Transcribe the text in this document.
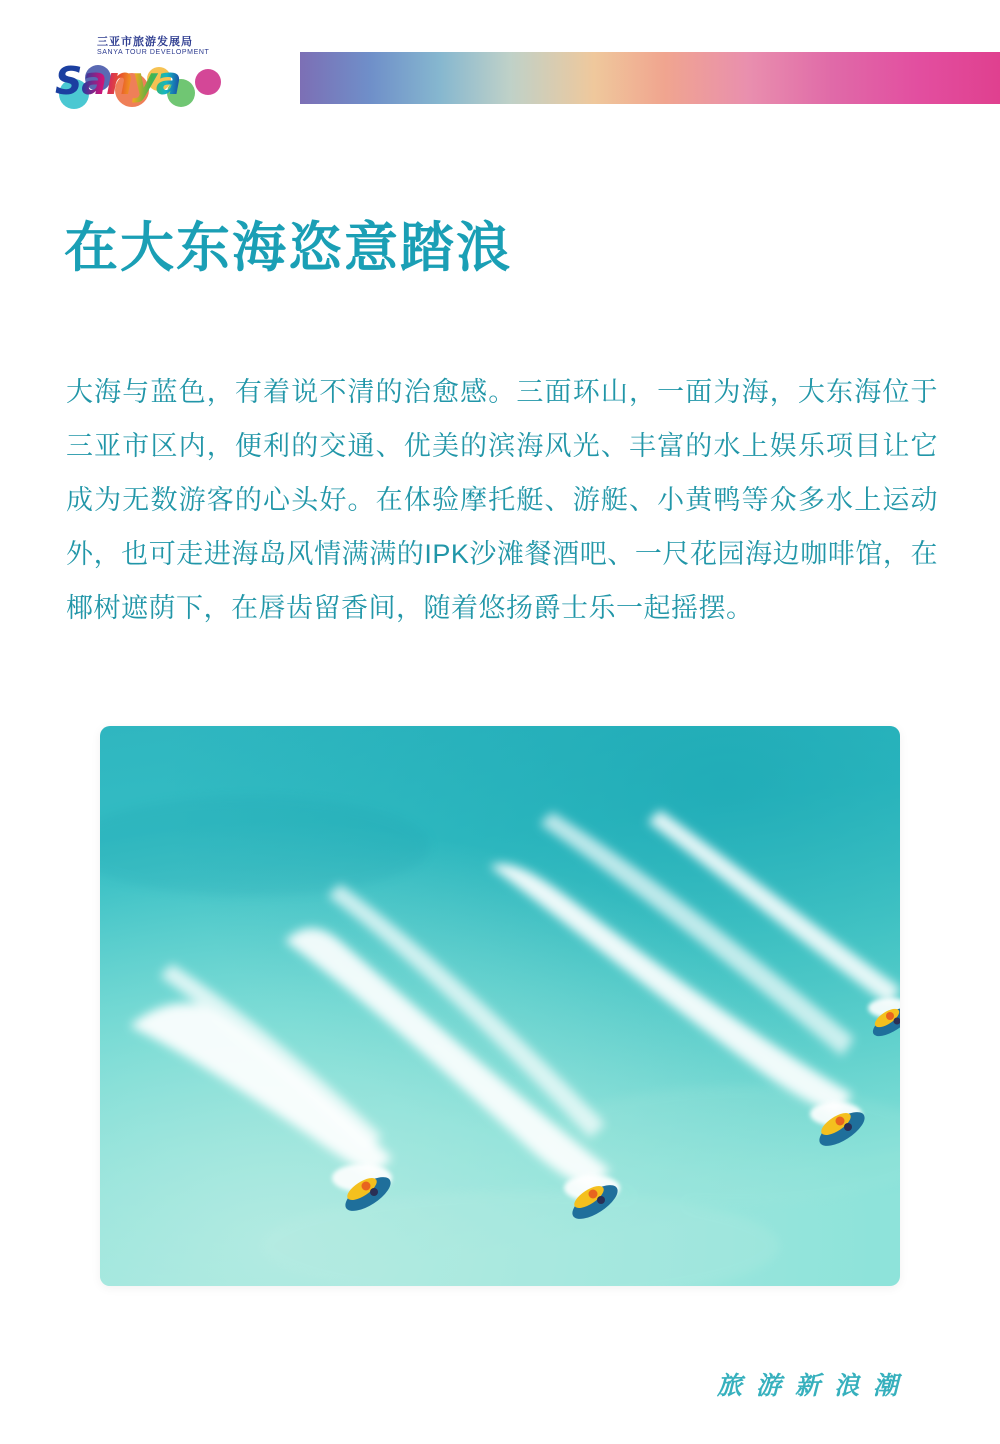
三亚市旅游发展局
SANYA TOUR DEVELOPMENT
Sanya
在大东海恣意踏浪

大海与蓝色，有着说不清的治愈感。三面环山，一面为海，大东海位于三亚市区内，便利的交通、优美的滨海风光、丰富的水上娱乐项目让它成为无数游客的心头好。在体验摩托艇、游艇、小黄鸭等众多水上运动外，也可走进海岛风情满满的IPK沙滩餐酒吧、一尺花园海边咖啡馆，在椰树遮荫下，在唇齿留香间，随着悠扬爵士乐一起摇摆。

旅游新浪潮
